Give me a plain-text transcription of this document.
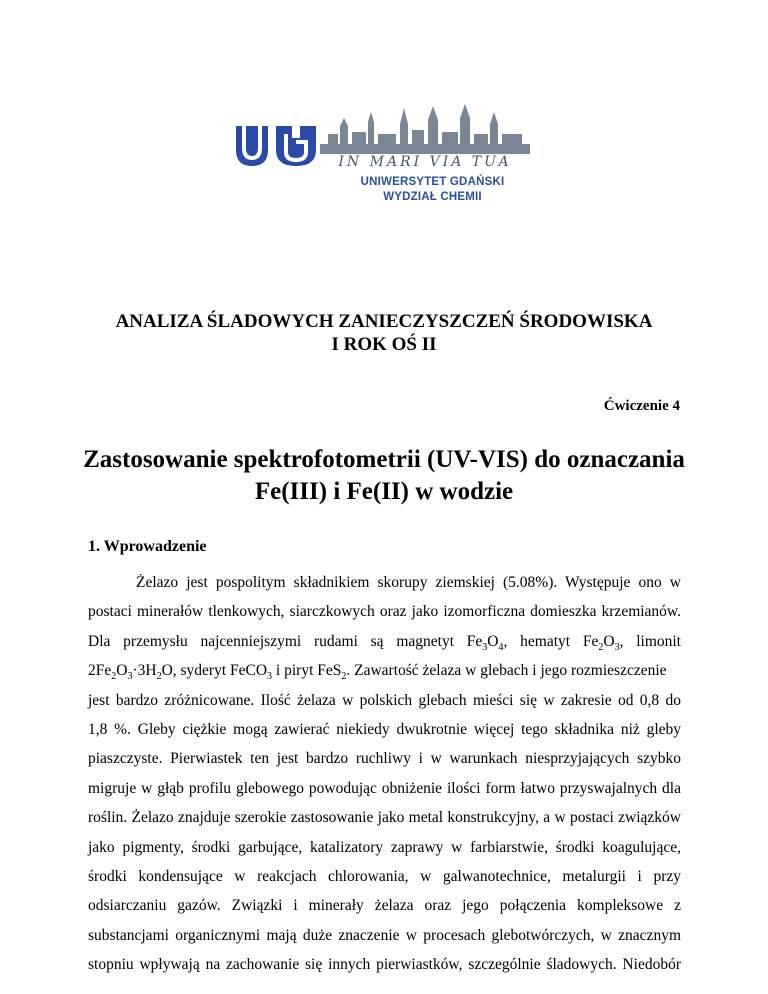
IN MARI VIA TUA
UNIWERSYTET GDAŃSKI
WYDZIAŁ CHEMII
ANALIZA ŚLADOWYCH ZANIECZYSZCZEŃ ŚRODOWISKA
I ROK OŚ II
Ćwiczenie 4
Zastosowanie spektrofotometrii (UV-VIS) do oznaczania
Fe(III) i Fe(II) w wodzie
1. Wprowadzenie
Żelazo jest pospolitym składnikiem skorupy ziemskiej (5.08%). Występuje ono w
postaci minerałów tlenkowych, siarczkowych oraz jako izomorficzna domieszka krzemianów.
Dla przemysłu najcenniejszymi rudami są magnetyt $Fe_3O_4$, hematyt $Fe_2O_3$, limonit
$2Fe_2O_3\cdot 3H_2O$, syderyt FeCO$_3$ i piryt FeS$_2$. Zawartość żelaza w glebach i jego rozmieszczenie
jest bardzo zróżnicowane. Ilość żelaza w polskich glebach mieści się w zakresie od 0,8 do
1,8 %. Gleby ciężkie mogą zawierać niekiedy dwukrotnie więcej tego składnika niż gleby
piaszczyste. Pierwiastek ten jest bardzo ruchliwy i w warunkach niesprzyjających szybko
migruje w głąb profilu glebowego powodując obniżenie ilości form łatwo przyswajalnych dla
roślin. Żelazo znajduje szerokie zastosowanie jako metal konstrukcyjny, a w postaci związków
jako pigmenty, środki garbujące, katalizatory zaprawy w farbiarstwie, środki koagulujące,
środki kondensujące w reakcjach chlorowania, w galwanotechnice, metalurgii i przy
odsiarczaniu gazów. Związki i minerały żelaza oraz jego połączenia kompleksowe z
substancjami organicznymi mają duże znaczenie w procesach glebotwórczych, w znacznym
stopniu wpływają na zachowanie się innych pierwiastków, szczególnie śladowych. Niedobór
